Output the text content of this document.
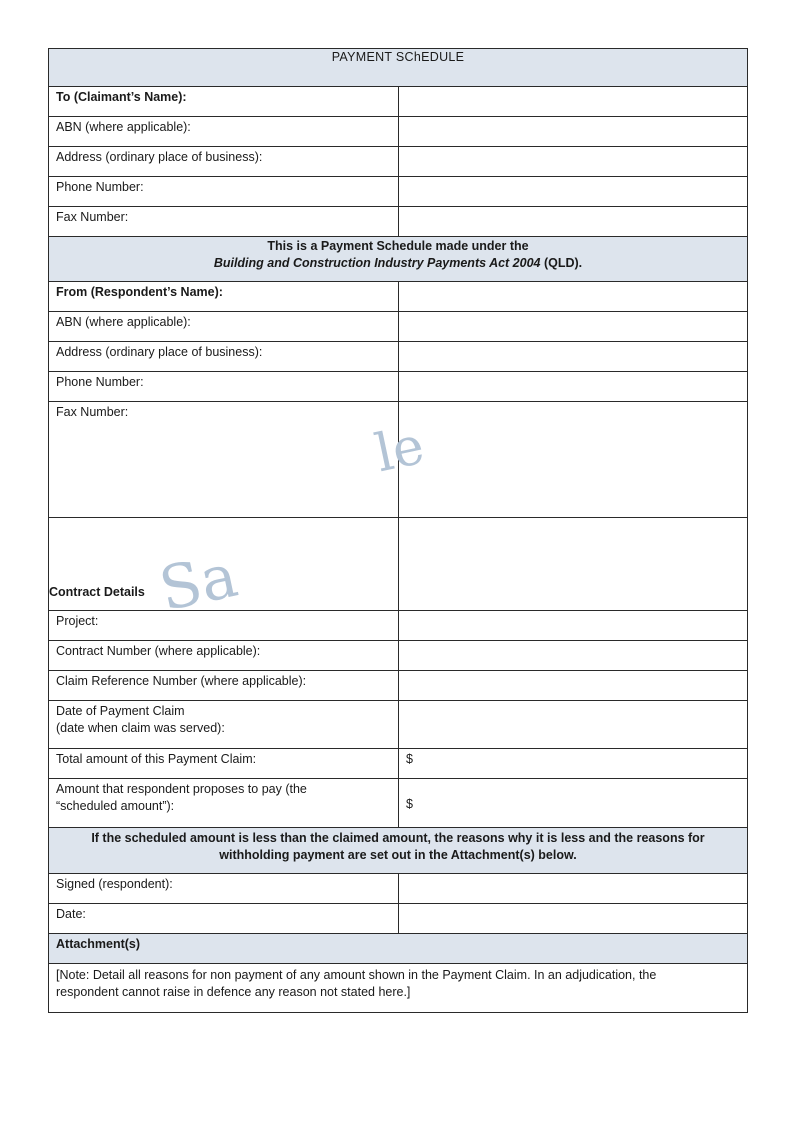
PAYMENT SChEDULE	
To (Claimant’s Name):	
ABN (where applicable):	
Address (ordinary place of business):	
Phone Number:	
Fax Number:	

This is a Payment Schedule made under the
Building and Construction Industry Payments Act 2004 (QLD).	

From (Respondent’s Name):	
ABN (where applicable):	
Address (ordinary place of business):	
Phone Number:	
Fax Number:	

Project:	
Contract Number (where applicable):	
Claim Reference Number (where applicable):	

Date of Payment Claim
(date when claim was served):	

Total amount of this Payment Claim:	$

Amount that respondent proposes to pay (the
“scheduled amount”):	$

If the scheduled amount is less than the claimed amount, the reasons why it is less and the reasons for
withholding payment are set out in the Attachment(s) below.	

Signed (respondent):	
Date:	
Attachment(s)	

[Note: Detail all reasons for non payment of any amount shown in the Payment Claim. In an adjudication, the
respondent cannot raise in defence any reason not stated here.]	
Contract Details Sa
le
